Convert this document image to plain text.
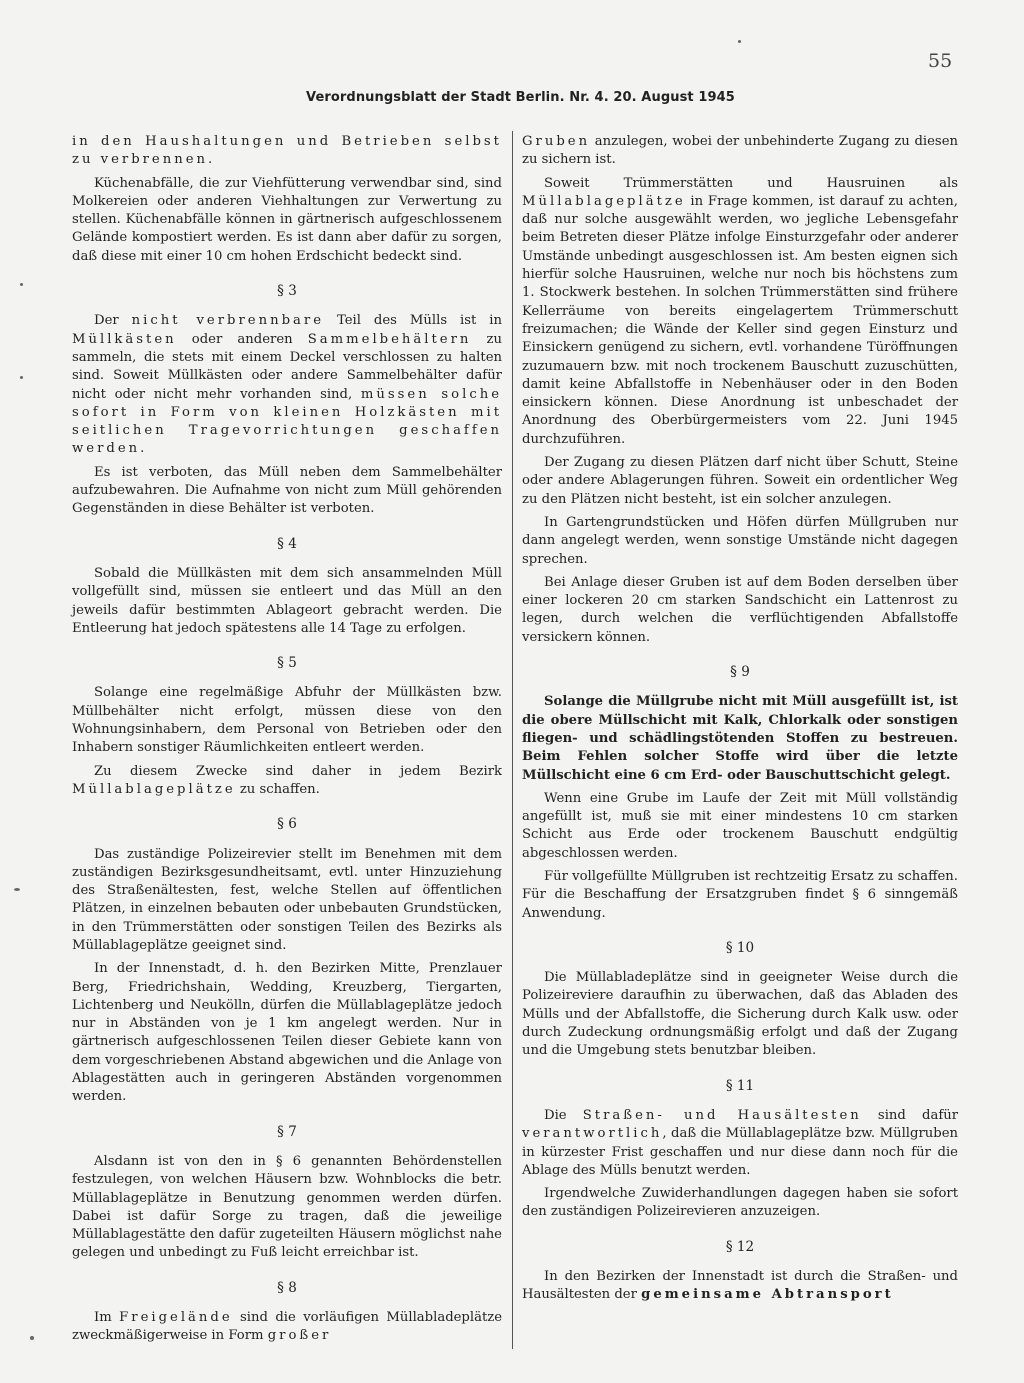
55
Verordnungsblatt der Stadt Berlin. Nr. 4. 20. August 1945

in den Haushaltungen und Betrieben selbst zu verbrennen.

Küchenabfälle, die zur Viehfütterung verwendbar sind, sind Molkereien oder anderen Viehhaltungen zur Verwertung zu stellen. Küchenabfälle können in gärtnerisch aufgeschlossenem Gelände kompostiert werden. Es ist dann aber dafür zu sorgen, daß diese mit einer 10 cm hohen Erdschicht bedeckt sind.

§ 3

Der nicht verbrennbare Teil des Mülls ist in Müllkästen oder anderen Sammelbehältern zu sammeln, die stets mit einem Deckel verschlossen zu halten sind. Soweit Müllkästen oder andere Sammelbehälter dafür nicht oder nicht mehr vorhanden sind, müssen solche sofort in Form von kleinen Holzkästen mit seitlichen Tragevorrichtungen geschaffen werden.

Es ist verboten, das Müll neben dem Sammelbehälter aufzubewahren. Die Aufnahme von nicht zum Müll gehörenden Gegenständen in diese Behälter ist verboten.

§ 4

Sobald die Müllkästen mit dem sich ansammelnden Müll vollgefüllt sind, müssen sie entleert und das Müll an den jeweils dafür bestimmten Ablageort gebracht werden. Die Entleerung hat jedoch spätestens alle 14 Tage zu erfolgen.

§ 5

Solange eine regelmäßige Abfuhr der Müllkästen bzw. Müllbehälter nicht erfolgt, müssen diese von den Wohnungsinhabern, dem Personal von Betrieben oder den Inhabern sonstiger Räumlichkeiten entleert werden.

Zu diesem Zwecke sind daher in jedem Bezirk Müllablageplätze zu schaffen.

§ 6

Das zuständige Polizeirevier stellt im Benehmen mit dem zuständigen Bezirksgesundheitsamt, evtl. unter Hinzuziehung des Straßenältesten, fest, welche Stellen auf öffentlichen Plätzen, in einzelnen bebauten oder unbebauten Grundstücken, in den Trümmerstätten oder sonstigen Teilen des Bezirks als Müllablageplätze geeignet sind.

In der Innenstadt, d. h. den Bezirken Mitte, Prenzlauer Berg, Friedrichshain, Wedding, Kreuzberg, Tiergarten, Lichtenberg und Neukölln, dürfen die Müllablageplätze jedoch nur in Abständen von je 1 km angelegt werden. Nur in gärtnerisch aufgeschlossenen Teilen dieser Gebiete kann von dem vorgeschriebenen Abstand abgewichen und die Anlage von Ablagestätten auch in geringeren Abständen vorgenommen werden.

§ 7

Alsdann ist von den in § 6 genannten Behördenstellen festzulegen, von welchen Häusern bzw. Wohnblocks die betr. Müllablageplätze in Benutzung genommen werden dürfen. Dabei ist dafür Sorge zu tragen, daß die jeweilige Müllablagestätte den dafür zugeteilten Häusern möglichst nahe gelegen und unbedingt zu Fuß leicht erreichbar ist.

§ 8

Im Freigelände sind die vorläufigen Müllabladeplätze zweckmäßigerweise in Form großer

Gruben anzulegen, wobei der unbehinderte Zugang zu diesen zu sichern ist.

Soweit Trümmerstätten und Hausruinen als Müllablageplätze in Frage kommen, ist darauf zu achten, daß nur solche ausgewählt werden, wo jegliche Lebensgefahr beim Betreten dieser Plätze infolge Einsturzgefahr oder anderer Umstände unbedingt ausgeschlossen ist. Am besten eignen sich hierfür solche Hausruinen, welche nur noch bis höchstens zum 1. Stockwerk bestehen. In solchen Trümmerstätten sind frühere Kellerräume von bereits eingelagertem Trümmerschutt freizumachen; die Wände der Keller sind gegen Einsturz und Einsickern genügend zu sichern, evtl. vorhandene Türöffnungen zuzumauern bzw. mit noch trockenem Bauschutt zuzuschütten, damit keine Abfallstoffe in Nebenhäuser oder in den Boden einsickern können. Diese Anordnung ist unbeschadet der Anordnung des Oberbürgermeisters vom 22. Juni 1945 durchzuführen.

Der Zugang zu diesen Plätzen darf nicht über Schutt, Steine oder andere Ablagerungen führen. Soweit ein ordentlicher Weg zu den Plätzen nicht besteht, ist ein solcher anzulegen.

In Gartengrundstücken und Höfen dürfen Müllgruben nur dann angelegt werden, wenn sonstige Umstände nicht dagegen sprechen.

Bei Anlage dieser Gruben ist auf dem Boden derselben über einer lockeren 20 cm starken Sandschicht ein Lattenrost zu legen, durch welchen die verflüchtigenden Abfallstoffe versickern können.

§ 9

Solange die Müllgrube nicht mit Müll ausgefüllt ist, ist die obere Müllschicht mit Kalk, Chlorkalk oder sonstigen fliegen- und schädlingstötenden Stoffen zu bestreuen. Beim Fehlen solcher Stoffe wird über die letzte Müllschicht eine 6 cm Erd- oder Bauschuttschicht gelegt.

Wenn eine Grube im Laufe der Zeit mit Müll vollständig angefüllt ist, muß sie mit einer mindestens 10 cm starken Schicht aus Erde oder trockenem Bauschutt endgültig abgeschlossen werden.

Für vollgefüllte Müllgruben ist rechtzeitig Ersatz zu schaffen. Für die Beschaffung der Ersatzgruben findet § 6 sinngemäß Anwendung.

§ 10

Die Müllabladeplätze sind in geeigneter Weise durch die Polizeireviere daraufhin zu überwachen, daß das Abladen des Mülls und der Abfallstoffe, die Sicherung durch Kalk usw. oder durch Zudeckung ordnungsmäßig erfolgt und daß der Zugang und die Umgebung stets benutzbar bleiben.

§ 11

Die Straßen- und Hausältesten sind dafür verantwortlich, daß die Müllablageplätze bzw. Müllgruben in kürzester Frist geschaffen und nur diese dann noch für die Ablage des Mülls benutzt werden.

Irgendwelche Zuwiderhandlungen dagegen haben sie sofort den zuständigen Polizeirevieren anzuzeigen.

§ 12

In den Bezirken der Innenstadt ist durch die Straßen- und Hausältesten der gemeinsame Abtransport
